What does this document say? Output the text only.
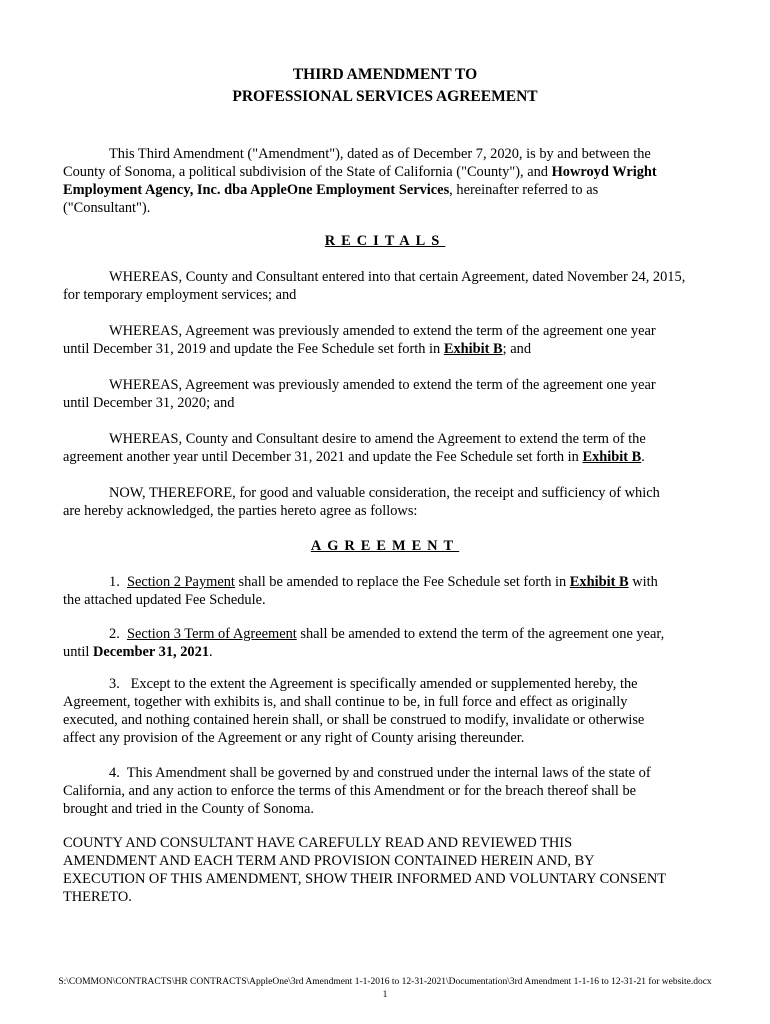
THIRD AMENDMENT TO
PROFESSIONAL SERVICES AGREEMENT
This Third Amendment ("Amendment"), dated as of December 7, 2020, is by and between the
County of Sonoma, a political subdivision of the State of California ("County"), and Howroyd Wright
Employment Agency, Inc. dba AppleOne Employment Services, hereinafter referred to as
("Consultant").
RECITALS
WHEREAS, County and Consultant entered into that certain Agreement, dated November 24, 2015,
for temporary employment services; and
WHEREAS, Agreement was previously amended to extend the term of the agreement one year
until December 31, 2019 and update the Fee Schedule set forth in Exhibit B; and
WHEREAS, Agreement was previously amended to extend the term of the agreement one year
until December 31, 2020; and
WHEREAS, County and Consultant desire to amend the Agreement to extend the term of the
agreement another year until December 31, 2021 and update the Fee Schedule set forth in Exhibit B.
NOW, THEREFORE, for good and valuable consideration, the receipt and sufficiency of which
are hereby acknowledged, the parties hereto agree as follows:
AGREEMENT
1.  Section 2 Payment shall be amended to replace the Fee Schedule set forth in Exhibit B with
the attached updated Fee Schedule.
2.  Section 3 Term of Agreement shall be amended to extend the term of the agreement one year,
until December 31, 2021.
3.   Except to the extent the Agreement is specifically amended or supplemented hereby, the
Agreement, together with exhibits is, and shall continue to be, in full force and effect as originally
executed, and nothing contained herein shall, or shall be construed to modify, invalidate or otherwise
affect any provision of the Agreement or any right of County arising thereunder.
4.  This Amendment shall be governed by and construed under the internal laws of the state of
California, and any action to enforce the terms of this Amendment or for the breach thereof shall be
brought and tried in the County of Sonoma.
COUNTY AND CONSULTANT HAVE CAREFULLY READ AND REVIEWED THIS
AMENDMENT AND EACH TERM AND PROVISION CONTAINED HEREIN AND, BY
EXECUTION OF THIS AMENDMENT, SHOW THEIR INFORMED AND VOLUNTARY CONSENT
THERETO.
S:\COMMON\CONTRACTS\HR CONTRACTS\AppleOne\3rd Amendment 1-1-2016 to 12-31-2021\Documentation\3rd Amendment 1-1-16 to 12-31-21 for website.docx
1
